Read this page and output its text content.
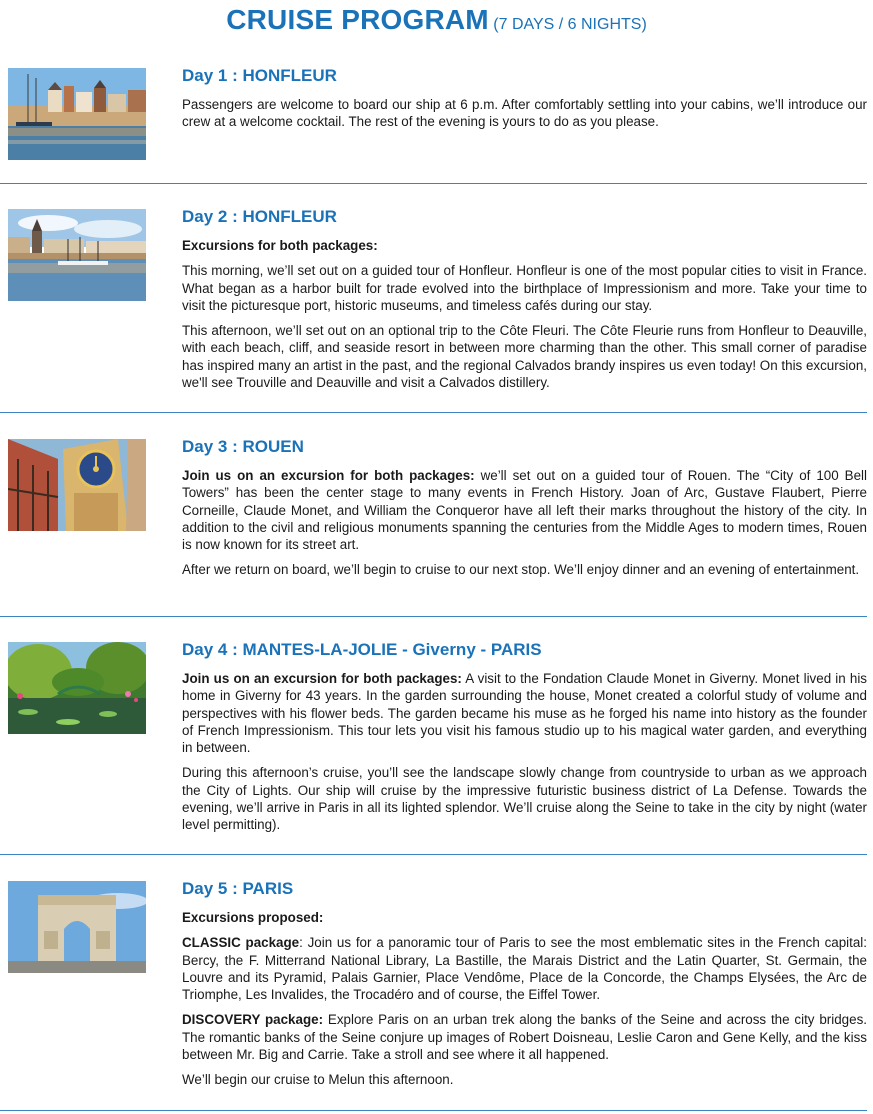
CRUISE PROGRAM (7 DAYS / 6 NIGHTS)
Day 1 : HONFLEUR

Passengers are welcome to board our ship at 6 p.m. After comfortably settling into your cabins, we’ll introduce our crew at a welcome cocktail. The rest of the evening is yours to do as you please.

Day 2 : HONFLEUR

Excursions for both packages:

This morning, we’ll set out on a guided tour of Honfleur. Honfleur is one of the most popular cities to visit in France. What began as a harbor built for trade evolved into the birthplace of Impressionism and more. Take your time to visit the picturesque port, historic museums, and timeless cafés during our stay.

This afternoon, we’ll set out on an optional trip to the Côte Fleuri. The Côte Fleurie runs from Honfleur to Deauville, with each beach, cliff, and seaside resort in between more charming than the other. This small corner of paradise has inspired many an artist in the past, and the regional Calvados brandy inspires us even today! On this excursion, we'll see Trouville and Deauville and visit a Calvados distillery.

Day 3 : ROUEN

Join us on an excursion for both packages: we’ll set out on a guided tour of Rouen. The “City of 100 Bell Towers” has been the center stage to many events in French History. Joan of Arc, Gustave Flaubert, Pierre Corneille, Claude Monet, and William the Conqueror have all left their marks throughout the history of the city. In addition to the civil and religious monuments spanning the centuries from the Middle Ages to modern times, Rouen is now known for its street art.

After we return on board, we’ll begin to cruise to our next stop. We’ll enjoy dinner and an evening of entertainment.

Day 4 : MANTES-LA-JOLIE - Giverny - PARIS

Join us on an excursion for both packages: A visit to the Fondation Claude Monet in Giverny. Monet lived in his home in Giverny for 43 years. In the garden surrounding the house, Monet created a colorful study of volume and perspectives with his flower beds. The garden became his muse as he forged his name into history as the founder of French Impressionism. This tour lets you visit his famous studio up to his magical water garden, and everything in between.

During this afternoon’s cruise, you’ll see the landscape slowly change from countryside to urban as we approach the City of Lights. Our ship will cruise by the impressive futuristic business district of La Defense. Towards the evening, we’ll arrive in Paris in all its lighted splendor. We’ll cruise along the Seine to take in the city by night (water level permitting).

Day 5 : PARIS

Excursions proposed:

CLASSIC package: Join us for a panoramic tour of Paris to see the most emblematic sites in the French capital: Bercy, the F. Mitterrand National Library, La Bastille, the Marais District and the Latin Quarter, St. Germain, the Louvre and its Pyramid, Palais Garnier, Place Vendôme, Place de la Concorde, the Champs Elysées, the Arc de Triomphe, Les Invalides, the Trocadéro and of course, the Eiffel Tower.

DISCOVERY package: Explore Paris on an urban trek along the banks of the Seine and across the city bridges. The romantic banks of the Seine conjure up images of Robert Doisneau, Leslie Caron and Gene Kelly, and the kiss between Mr. Big and Carrie. Take a stroll and see where it all happened.

We’ll begin our cruise to Melun this afternoon.
